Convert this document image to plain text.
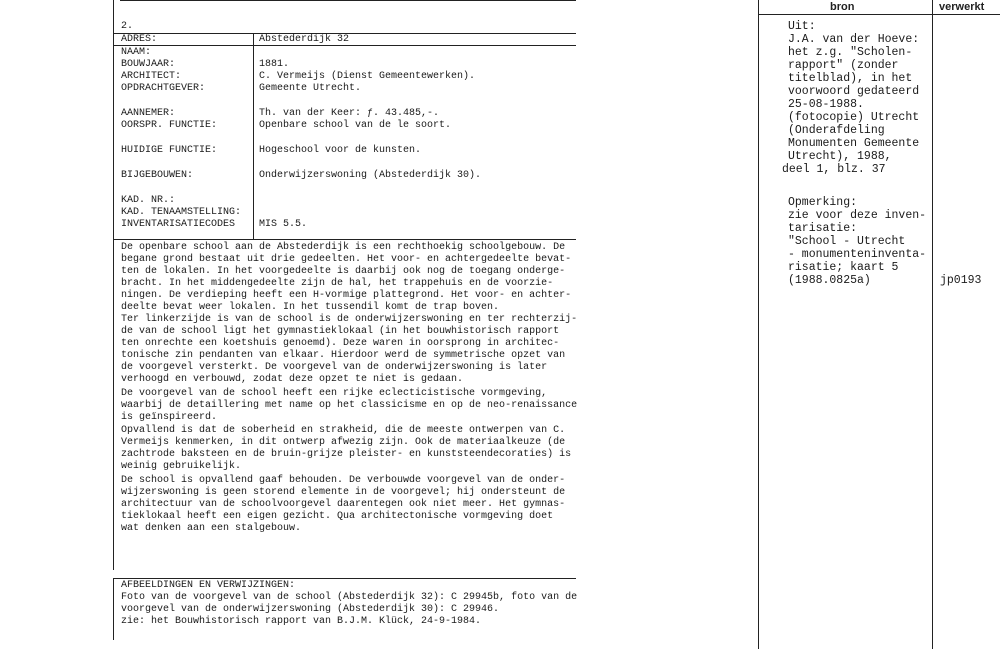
2.
ADRES:	Abstederdijk 32
NAAM:
BOUWJAAR:	1881.
ARCHITECT:	C. Vermeijs (Dienst Gemeentewerken).
OPDRACHTGEVER:	Gemeente Utrecht.
AANNEMER:	Th. van der Keer: ƒ. 43.485,-.
OORSPR. FUNCTIE:	Openbare school van de le soort.
HUIDIGE FUNCTIE:	Hogeschool voor de kunsten.
BIJGEBOUWEN:	Onderwijzerswoning (Abstederdijk 30).
KAD. NR.:
KAD. TENAAMSTELLING:
INVENTARISATIECODES MIS 5.5.
De openbare school aan de Abstederdijk is een rechthoekig schoolgebouw. De
begane grond bestaat uit drie gedeelten. Het voor- en achtergedeelte bevat-
ten de lokalen. In het voorgedeelte is daarbij ook nog de toegang onderge-
bracht. In het middengedeelte zijn de hal, het trappehuis en de voorzie-
ningen. De verdieping heeft een H-vormige plattegrond. Het voor- en achter-
deelte bevat weer lokalen. In het tussendil komt de trap boven.
Ter linkerzijde is van de school is de onderwijzerswoning en ter rechterzij-
de van de school ligt het gymnastieklokaal (in het bouwhistorisch rapport
ten onrechte een koetshuis genoemd). Deze waren in oorsprong in architec-
tonische zin pendanten van elkaar. Hierdoor werd de symmetrische opzet van
de voorgevel versterkt. De voorgevel van de onderwijzerswoning is later
verhoogd en verbouwd, zodat deze opzet te niet is gedaan.
De voorgevel van de school heeft een rijke eclecticistische vormgeving,
waarbij de detaillering met name op het classicisme en op de neo-renaissance
is geïnspireerd.
Opvallend is dat de soberheid en strakheid, die de meeste ontwerpen van C.
Vermeijs kenmerken, in dit ontwerp afwezig zijn. Ook de materiaalkeuze (de
zachtrode baksteen en de bruin-grijze pleister- en kunststeendecoraties) is
weinig gebruikelijk.
De school is opvallend gaaf behouden. De verbouwde voorgevel van de onder-
wijzerswoning is geen storend elemente in de voorgevel; hij ondersteunt de
architectuur van de schoolvoorgevel daarentegen ook niet meer. Het gymnas-
tieklokaal heeft een eigen gezicht. Qua architectonische vormgeving doet
wat denken aan een stalgebouw.
AFBEELDINGEN EN VERWIJZINGEN:
Foto van de voorgevel van de school (Abstederdijk 32): C 29945b, foto van de
voorgevel van de onderwijzerswoning (Abstederdijk 30): C 29946.
zie: het Bouwhistorisch rapport van B.J.M. Klück, 24-9-1984.
bron	verwerkt
Uit:
J.A. van der Hoeve:
het z.g. "Scholen-
rapport" (zonder
titelblad), in het
voorwoord gedateerd
25-08-1988.
(fotocopie) Utrecht
(Onderafdeling
Monumenten Gemeente
Utrecht), 1988,
deel 1, blz. 37
Opmerking:
zie voor deze inven-
tarisatie:
"School - Utrecht
- monumenteninventa-
risatie; kaart 5
(1988.0825a)	jp0193
